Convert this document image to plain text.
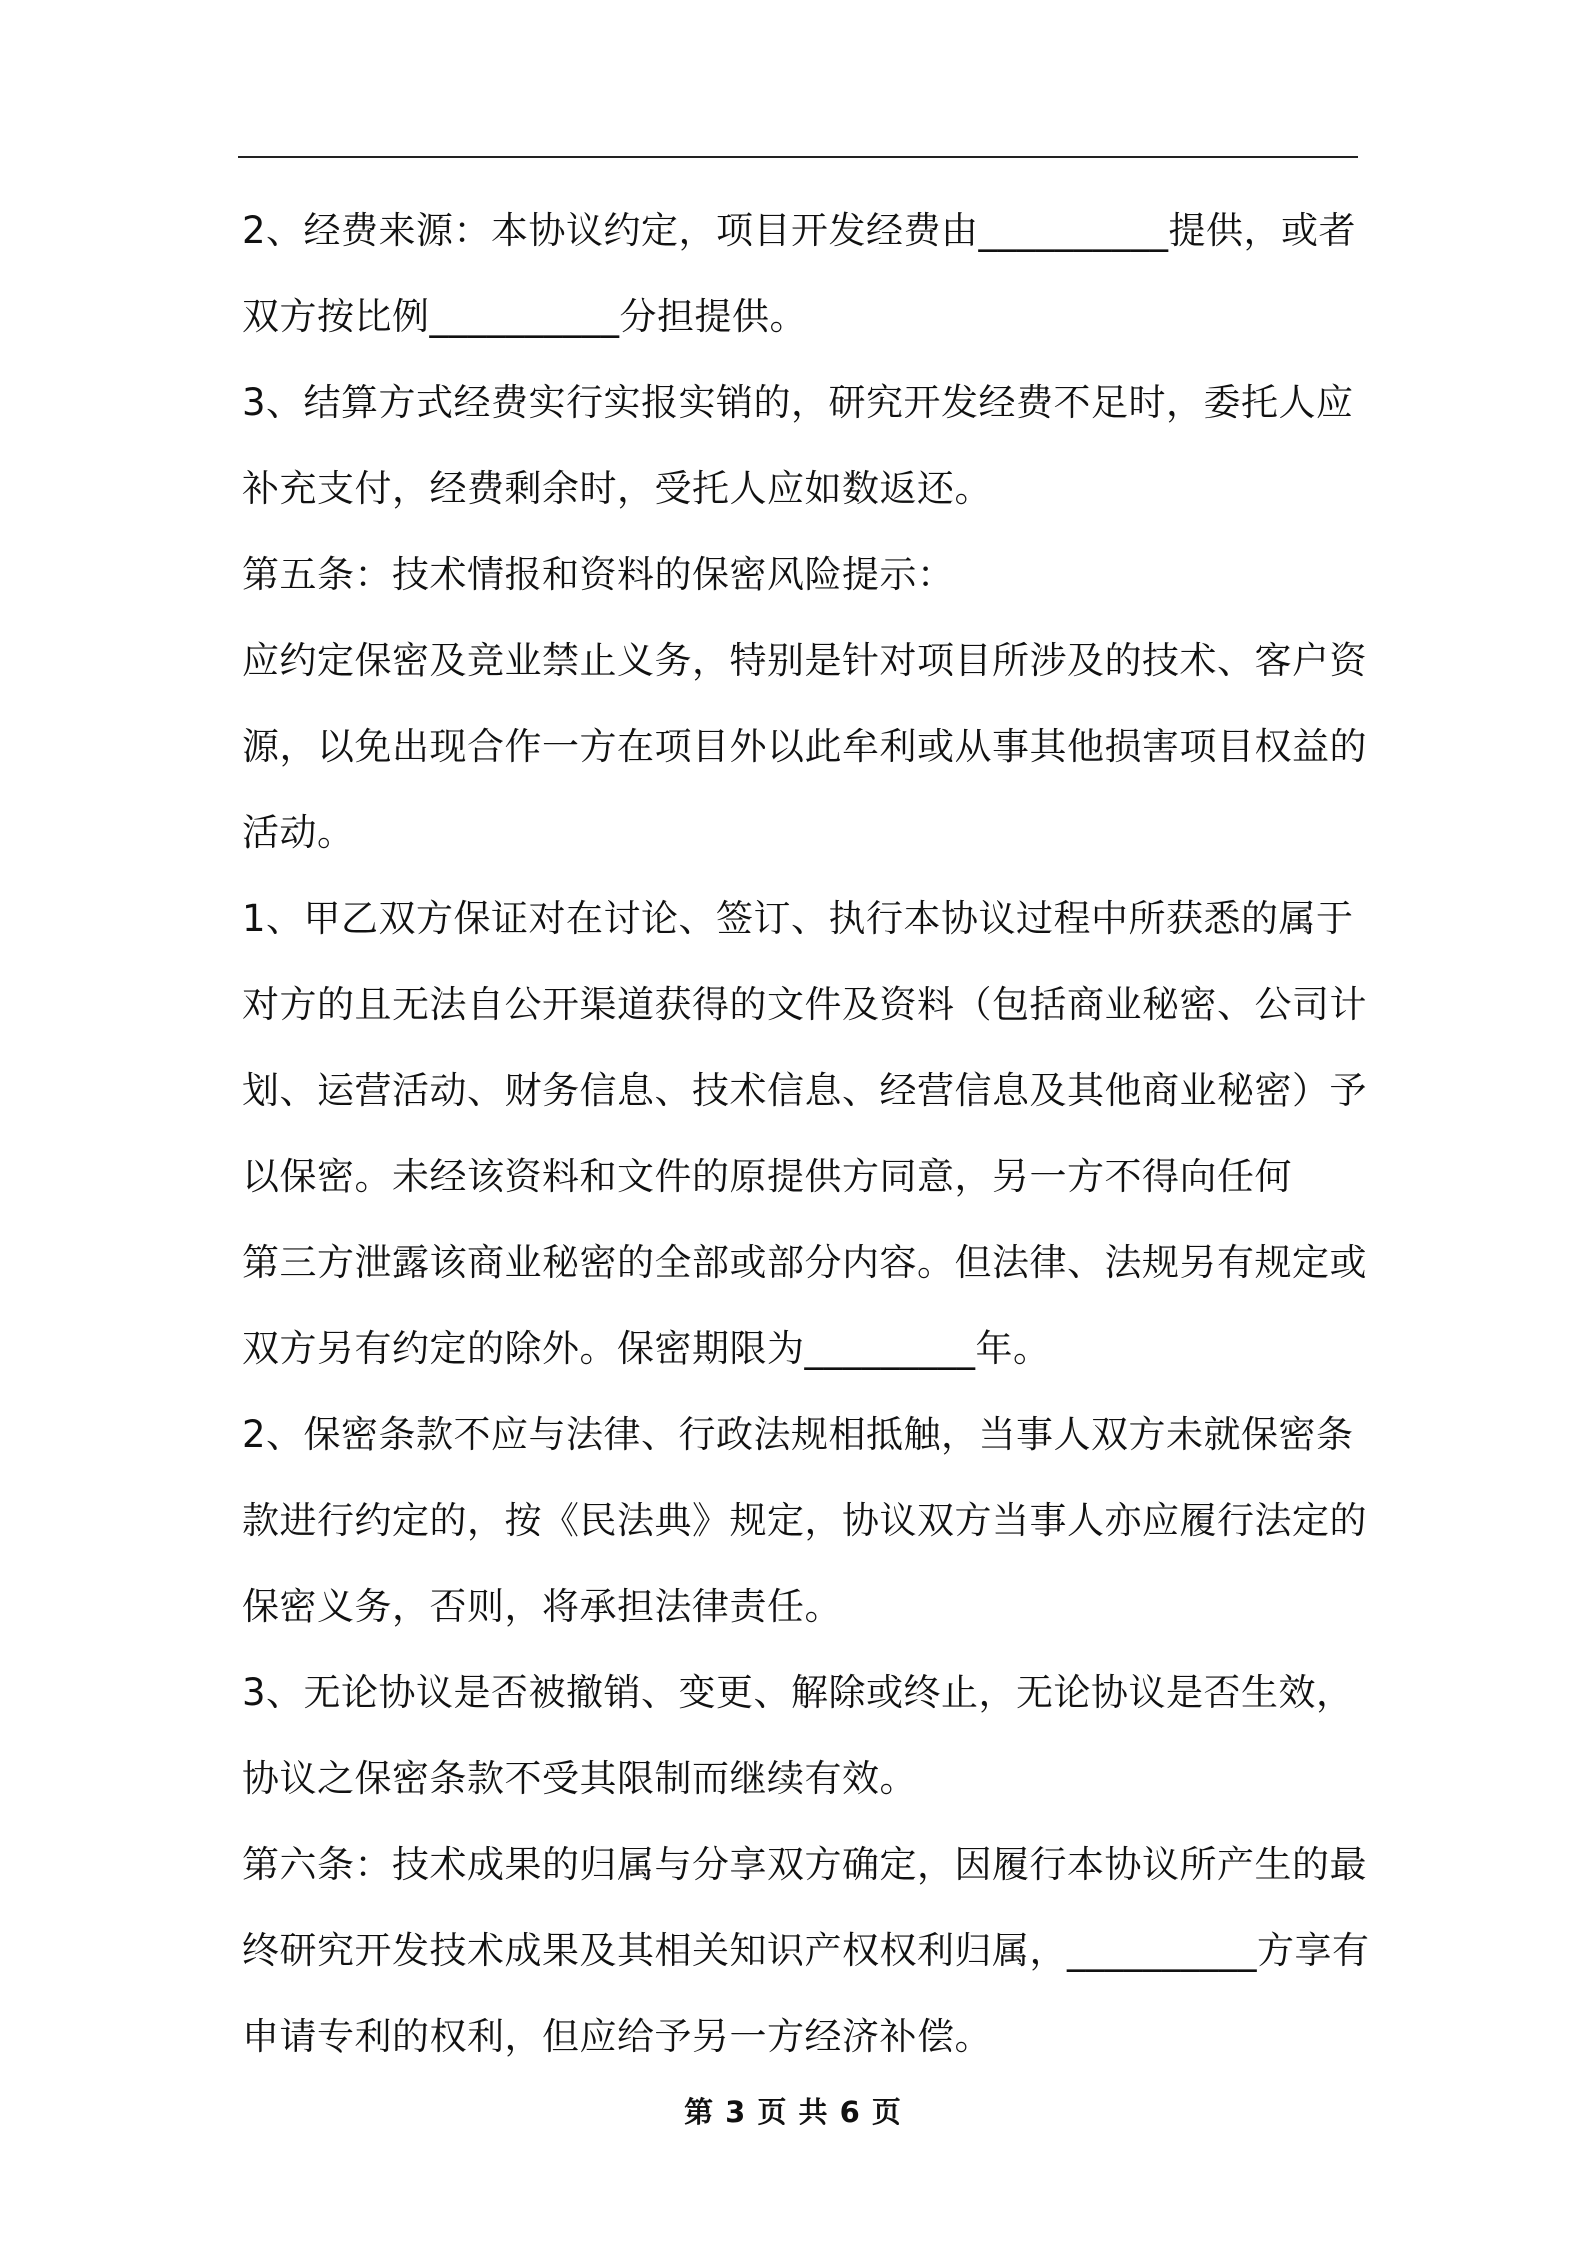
2、经费来源：本协议约定，项目开发经费由__________提供，或者
双方按比例__________分担提供。
3、结算方式经费实行实报实销的，研究开发经费不足时，委托人应
补充支付，经费剩余时，受托人应如数返还。
第五条：技术情报和资料的保密风险提示：
应约定保密及竞业禁止义务，特别是针对项目所涉及的技术、客户资
源，以免出现合作一方在项目外以此牟利或从事其他损害项目权益的
活动。
1、甲乙双方保证对在讨论、签订、执行本协议过程中所获悉的属于
对方的且无法自公开渠道获得的文件及资料（包括商业秘密、公司计
划、运营活动、财务信息、技术信息、经营信息及其他商业秘密）予
以保密。未经该资料和文件的原提供方同意，另一方不得向任何
第三方泄露该商业秘密的全部或部分内容。但法律、法规另有规定或
双方另有约定的除外。保密期限为_________年。
2、保密条款不应与法律、行政法规相抵触，当事人双方未就保密条
款进行约定的，按《民法典》规定，协议双方当事人亦应履行法定的
保密义务，否则，将承担法律责任。
3、无论协议是否被撤销、变更、解除或终止，无论协议是否生效，
协议之保密条款不受其限制而继续有效。
第六条：技术成果的归属与分享双方确定，因履行本协议所产生的最
终研究开发技术成果及其相关知识产权权利归属，__________方享有
申请专利的权利，但应给予另一方经济补偿。
第 3 页 共 6 页
